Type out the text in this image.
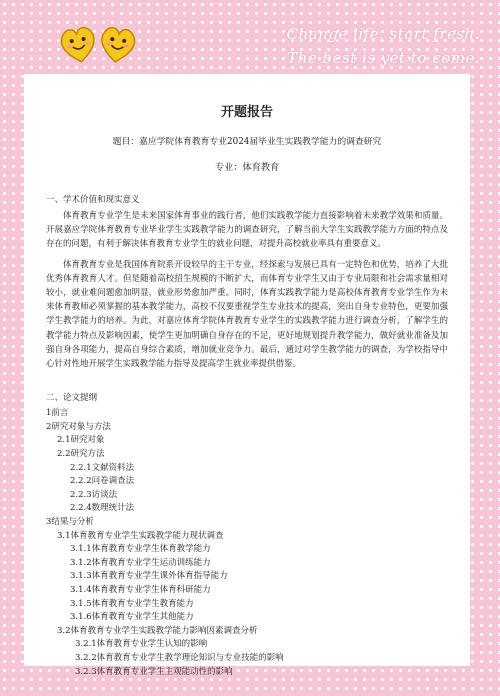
Change life, start fresh.
The best is yet to come.
开题报告
题目：嘉应学院体育教育专业2024届毕业生实践教学能力的调查研究
专业：体育教育
一、学术价值和现实意义

体育教育专业学生是未来国家体育事业的践行者，他们实践教学能力直接影响着未来教学效果和质量。开展嘉应学院体育教育专业毕业学生实践教学能力的调查研究，了解当前大学生实践教学能力方面的特点及存在的问题，有利于解决体育教育专业学生的就业问题，对提升高校就业率具有重要意义。

体育教育专业是我国体育院系开设较早的主干专业，经探索与发展已具有一定特色和优势，培养了大批优秀体育教育人才。但是随着高校招生规模的不断扩大，而体育专业学生又由于专业局限和社会需求量相对较小，就业难问题愈加明显，就业形势愈加严重。同时，体育实践教学能力是高校体育教育专业学生作为未来体育教师必须掌握的基本教学能力，高校不仅要重视学生专业技术的提高，突出自身专业特色，更要加强学生教学能力的培养。为此，对嘉应体育学院体育教育专业学生的实践教学能力进行调查分析，了解学生的教学能力特点及影响因素，使学生更加明确自身存在的不足，更好地规划提升教学能力，做好就业准备及加强自身各项能力，提高自身综合素质，增加就业竞争力。最后，通过对学生教学能力的调查，为学校指导中心针对性地开展学生实践教学能力指导及提高学生就业率提供借鉴。

二、论文提纲
1前言
2研究对象与方法
2.1研究对象
2.2研究方法
2.2.1文献资料法
2.2.2问卷调查法
2.2.3访谈法
2.2.4数理统计法
3结果与分析
3.1体育教育专业学生实践教学能力现状调查
3.1.1体育教育专业学生体育教学能力
3.1.2体育教育专业学生运动训练能力
3.1.3体育教育专业学生课外体育指导能力
3.1.4体育教育专业学生体育科研能力
3.1.5体育教育专业学生教育能力
3.1.6体育教育专业学生其他能力
3.2体育教育专业学生实践教学能力影响因素调查分析
3.2.1体育教育专业学生认知的影响
3.2.2体育教育专业学生教学理论知识与专业技能的影响
3.2.3体育教育专业学生主观能动性的影响
